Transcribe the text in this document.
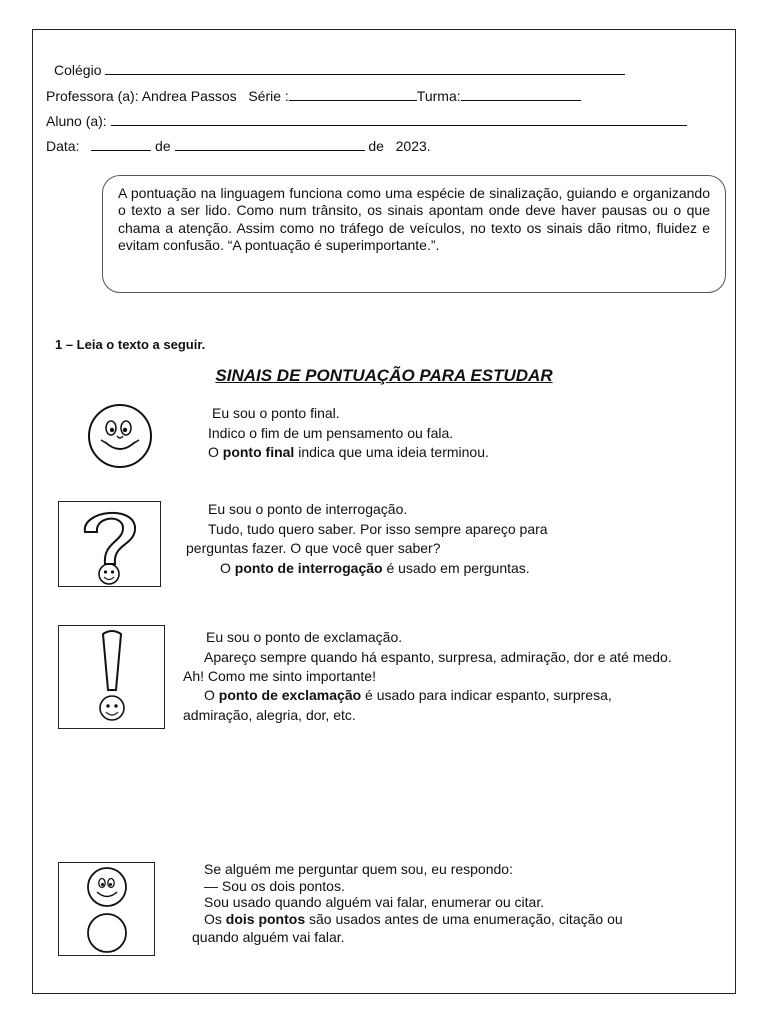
Colégio
Professora (a): Andrea Passos Série :	Turma:
Aluno (a):
Data:	de	de 2023.
A pontuação na linguagem funciona como uma espécie de sinalização, guiando e organizando o texto a ser lido. Como num trânsito, os sinais apontam onde deve haver pausas ou o que chama a atenção. Assim como no tráfego de veículos, no texto os sinais dão ritmo, fluidez e evitam confusão. “A pontuação é superimportante.”.
1 – Leia o texto a seguir.
SINAIS DE PONTUAÇÃO PARA ESTUDAR
Eu sou o ponto final.
Indico o fim de um pensamento ou fala.
O ponto final indica que uma ideia terminou.
Eu sou o ponto de interrogação.
Tudo, tudo quero saber. Por isso sempre apareço para
perguntas fazer. O que você quer saber?
O ponto de interrogação é usado em perguntas.
Eu sou o ponto de exclamação.
Apareço sempre quando há espanto, surpresa, admiração, dor e até medo.
Ah! Como me sinto importante!
O ponto de exclamação é usado para indicar espanto, surpresa,
admiração, alegria, dor, etc.
Se alguém me perguntar quem sou, eu respondo:
— Sou os dois pontos.
Sou usado quando alguém vai falar, enumerar ou citar.
Os dois pontos são usados antes de uma enumeração, citação ou
quando alguém vai falar.
